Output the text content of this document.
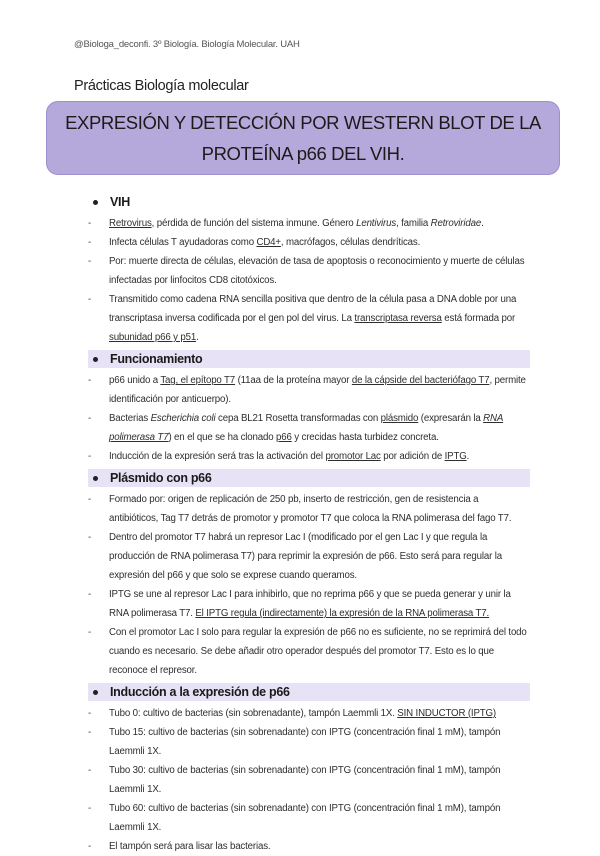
@Biologa_deconfi. 3º Biología. Biología Molecular. UAH
Prácticas Biología molecular
EXPRESIÓN Y DETECCIÓN POR WESTERN BLOT DE LA
PROTEÍNA p66 DEL VIH.
VIH
- Retrovirus, pérdida de función del sistema inmune. Género Lentivirus, familia Retroviridae.
- Infecta células T ayudadoras como CD4+, macrófagos, células dendríticas.
- Por: muerte directa de células, elevación de tasa de apoptosis o reconocimiento y muerte de células infectadas por linfocitos CD8 citotóxicos.
- Transmitido como cadena RNA sencilla positiva que dentro de la célula pasa a DNA doble por una transcriptasa inversa codificada por el gen pol del virus. La transcriptasa reversa está formada por subunidad p66 y p51.
Funcionamiento
- p66 unido a Tag, el epítopo T7 (11aa de la proteína mayor de la cápside del bacteriófago T7, permite identificación por anticuerpo).
- Bacterias Escherichia coli cepa BL21 Rosetta transformadas con plásmido (expresarán la RNA polimerasa T7) en el que se ha clonado p66 y crecidas hasta turbidez concreta.
- Inducción de la expresión será tras la activación del promotor Lac por adición de IPTG.
Plásmido con p66
- Formado por: origen de replicación de 250 pb, inserto de restricción, gen de resistencia a antibióticos, Tag T7 detrás de promotor y promotor T7 que coloca la RNA polimerasa del fago T7.
- Dentro del promotor T7 habrá un represor Lac I (modificado por el gen Lac I y que regula la producción de RNA polimerasa T7) para reprimir la expresión de p66. Esto será para regular la expresión del p66 y que solo se exprese cuando queramos.
- IPTG se une al represor Lac I para inhibirlo, que no reprima p66 y que se pueda generar y unir la RNA polimerasa T7. El IPTG regula (indirectamente) la expresión de la RNA polimerasa T7.
- Con el promotor Lac I solo para regular la expresión de p66 no es suficiente, no se reprimirá del todo cuando es necesario. Se debe añadir otro operador después del promotor T7. Esto es lo que reconoce el represor.
Inducción a la expresión de p66
- Tubo 0: cultivo de bacterias (sin sobrenadante), tampón Laemmli 1X. SIN INDUCTOR (IPTG)
- Tubo 15: cultivo de bacterias (sin sobrenadante) con IPTG (concentración final 1 mM), tampón Laemmli 1X.
- Tubo 30: cultivo de bacterias (sin sobrenadante) con IPTG (concentración final 1 mM), tampón Laemmli 1X.
- Tubo 60: cultivo de bacterias (sin sobrenadante) con IPTG (concentración final 1 mM), tampón Laemmli 1X.
- El tampón será para lisar las bacterias.
